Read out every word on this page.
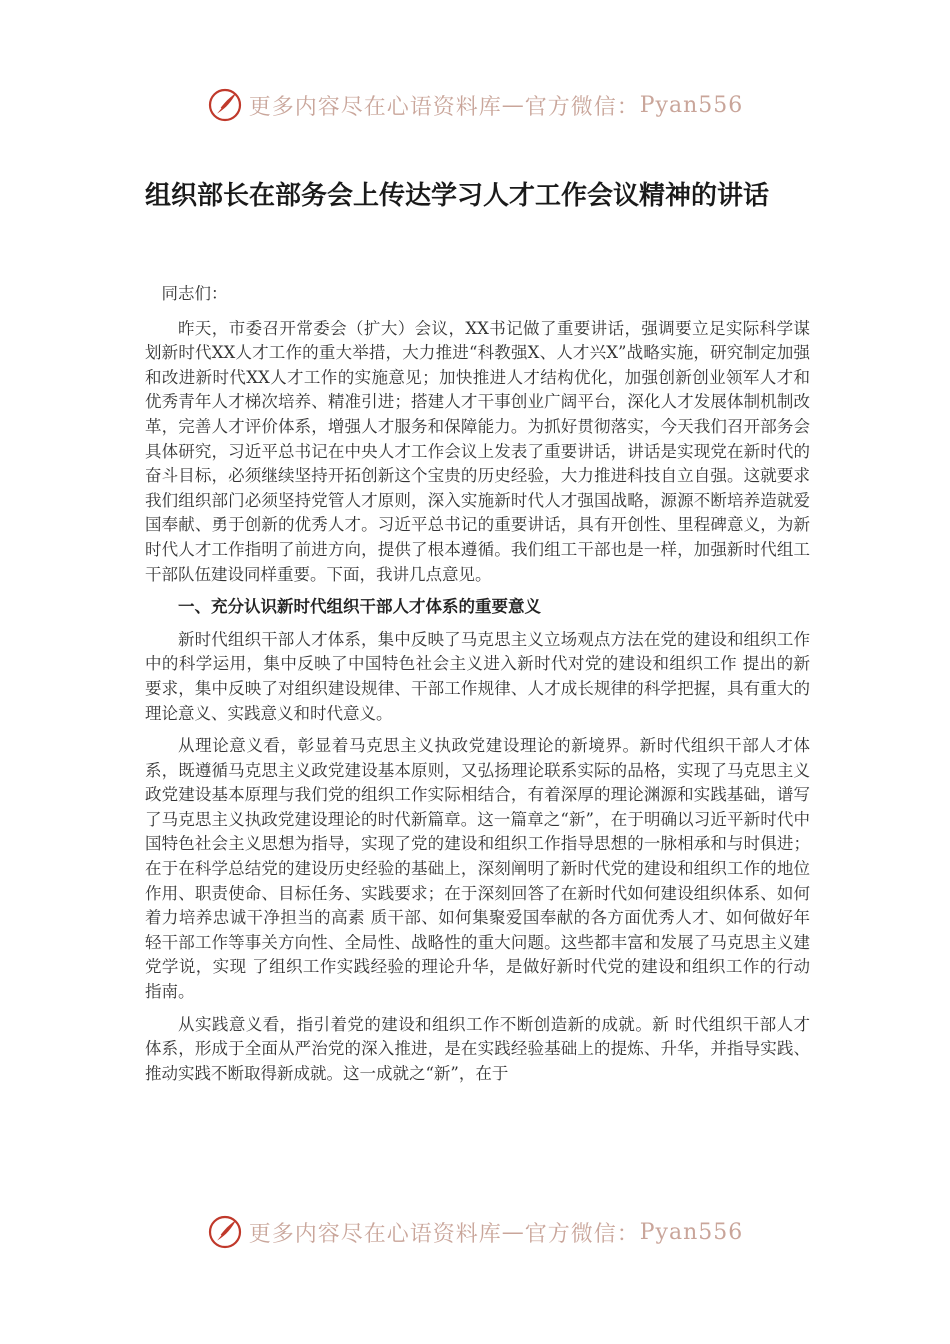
更多内容尽在心语资料库 — 官方微信： Pyan556
组织部长在部务会上传达学习人才工作会议精神的讲话

同志们：

昨天，市委召开常委会（扩大）会议，XX书记做了重要讲话，强调要立足实际科学谋划新时代XX人才工作的重大举措，大力推进“科教强X、人才兴X”战略实施，研究制定加强和改进新时代XX人才工作的实施意见；加快推进人才结构优化，加强创新创业领军人才和优秀青年人才梯次培养、精准引进；搭建人才干事创业广阔平台，深化人才发展体制机制改革，完善人才评价体系，增强人才服务和保障能力。为抓好贯彻落实，今天我们召开部务会具体研究，习近平总书记在中央人才工作会议上发表了重要讲话，讲话是实现党在新时代的奋斗目标，必须继续坚持开拓创新这个宝贵的历史经验，大力推进科技自立自强。这就要求我们组织部门必须坚持党管人才原则，深入实施新时代人才强国战略，源源不断培养造就爱国奉献、勇于创新的优秀人才。习近平总书记的重要讲话，具有开创性、里程碑意义，为新时代人才工作指明了前进方向，提供了根本遵循。我们组工干部也是一样，加强新时代组工干部队伍建设同样重要。下面，我讲几点意见。

一、充分认识新时代组织干部人才体系的重要意义

新时代组织干部人才体系，集中反映了马克思主义立场观点方法在党的建设和组织工作中的科学运用，集中反映了中国特色社会主义进入新时代对党的建设和组织工作 提出的新要求，集中反映了对组织建设规律、干部工作规律、人才成长规律的科学把握，具有重大的理论意义、实践意义和时代意义。

从理论意义看，彰显着马克思主义执政党建设理论的新境界。新时代组织干部人才体系，既遵循马克思主义政党建设基本原则，又弘扬理论联系实际的品格，实现了马克思主义政党建设基本原理与我们党的组织工作实际相结合，有着深厚的理论渊源和实践基础，谱写了马克思主义执政党建设理论的时代新篇章。这一篇章之“新”，在于明确以习近平新时代中国特色社会主义思想为指导，实现了党的建设和组织工作指导思想的一脉相承和与时俱进；在于在科学总结党的建设历史经验的基础上，深刻阐明了新时代党的建设和组织工作的地位作用、职责使命、目标任务、实践要求；在于深刻回答了在新时代如何建设组织体系、如何着力培养忠诚干净担当的高素 质干部、如何集聚爱国奉献的各方面优秀人才、如何做好年轻干部工作等事关方向性、全局性、战略性的重大问题。这些都丰富和发展了马克思主义建党学说，实现 了组织工作实践经验的理论升华，是做好新时代党的建设和组织工作的行动指南。

从实践意义看，指引着党的建设和组织工作不断创造新的成就。新 时代组织干部人才体系，形成于全面从严治党的深入推进，是在实践经验基础上的提炼、升华，并指导实践、推动实践不断取得新成就。这一成就之“新”，在于

更多内容尽在心语资料库 — 官方微信： Pyan556
